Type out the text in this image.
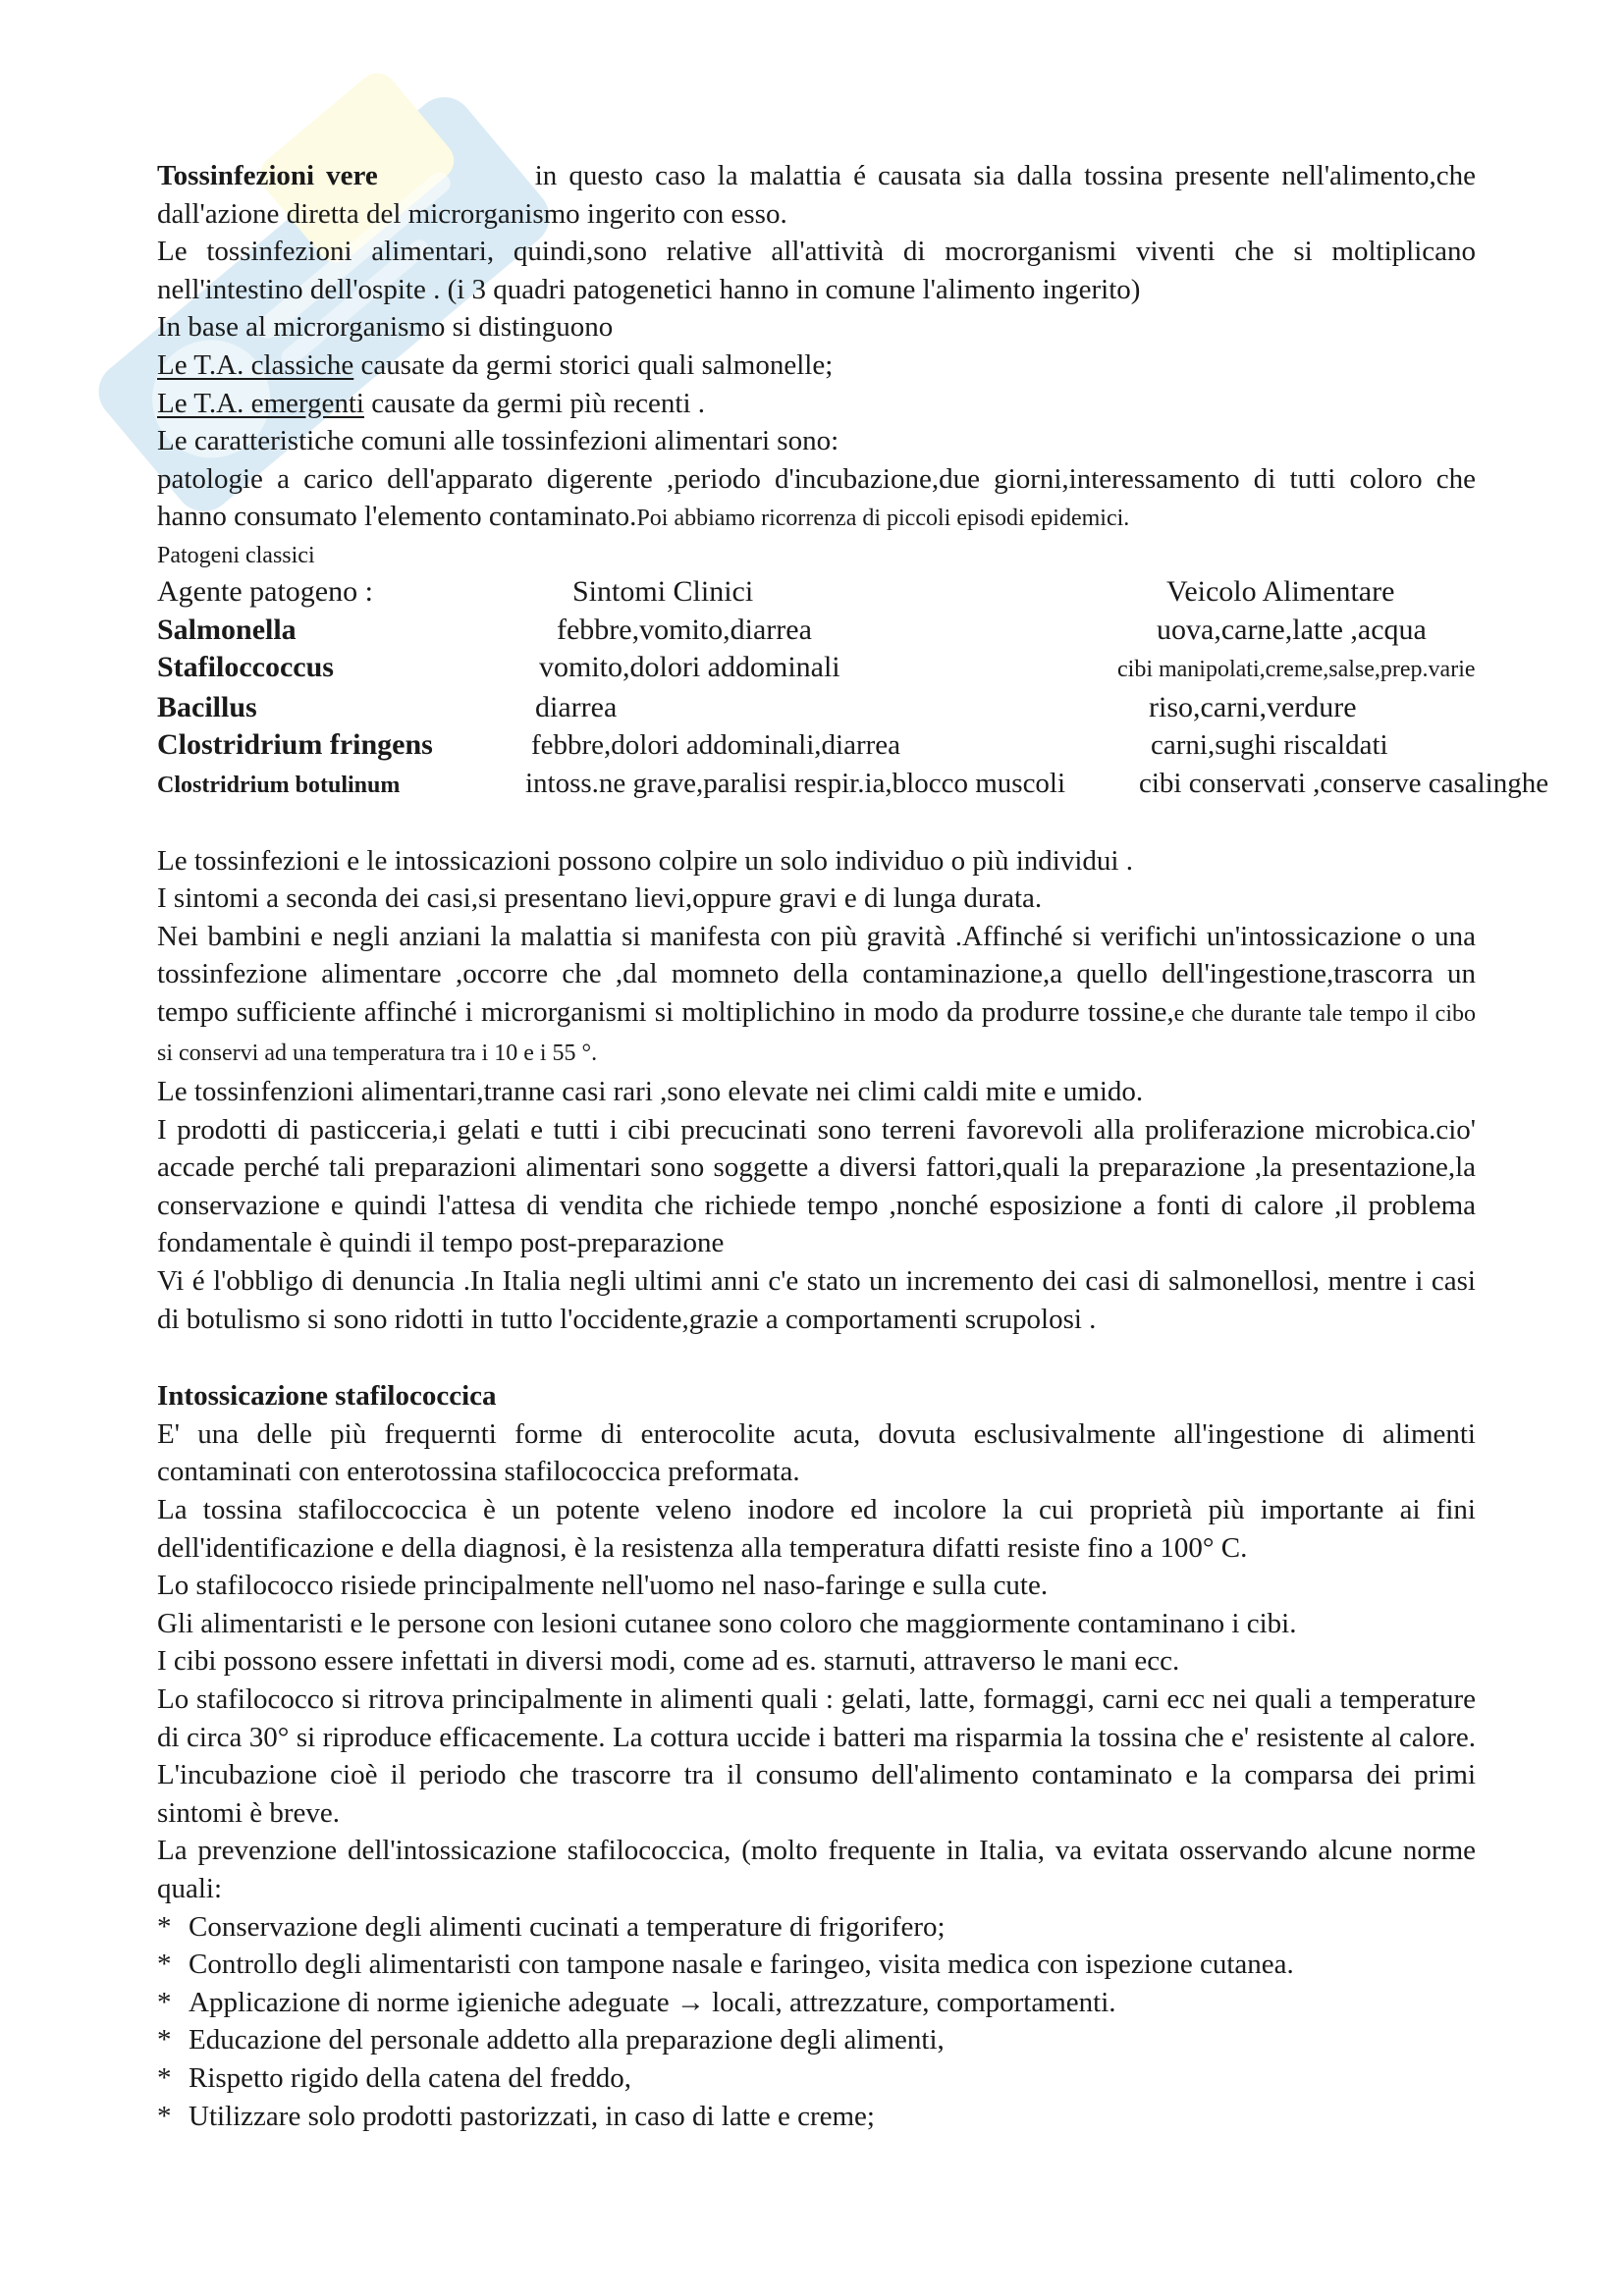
Tossinfezioni vere	in questo caso la malattia é causata sia dalla tossina presente nell'alimento,che dall'azione diretta del microrganismo ingerito con esso.

Le tossinfezioni alimentari, quindi,sono relative all'attività di mocrorganismi viventi che si moltiplicano nell'intestino dell'ospite . (i 3 quadri patogenetici hanno in comune l'alimento ingerito)

In base al microrganismo si distinguono

Le T.A. classiche causate da germi storici quali salmonelle;

Le T.A. emergenti causate da germi più recenti .

Le caratteristiche comuni alle tossinfezioni alimentari sono:

patologie a carico dell'apparato digerente ,periodo d'incubazione,due giorni,interessamento di tutti coloro che hanno consumato l'elemento contaminato.Poi abbiamo ricorrenza di piccoli episodi epidemici.

Patogeni classici

Agente patogeno :	Sintomi Clinici	Veicolo Alimentare
Salmonella	febbre,vomito,diarrea	uova,carne,latte ,acqua
Stafiloccoccus	vomito,dolori addominali	cibi manipolati,creme,salse,prep.varie
Bacillus	diarrea	riso,carni,verdure
Clostridrium fringens	febbre,dolori addominali,diarrea	carni,sughi riscaldati
Clostridrium botulinum	intoss.ne grave,paralisi respir.ia,blocco muscoli	cibi conservati ,conserve casalinghe

Le tossinfezioni e le intossicazioni possono colpire un solo individuo o più individui .

I sintomi a seconda dei casi,si presentano lievi,oppure gravi e di lunga durata.

Nei bambini e negli anziani la malattia si manifesta con più gravità .Affinché si verifichi un'intossicazione o una tossinfezione alimentare ,occorre che ,dal momneto della contaminazione,a quello dell'ingestione,trascorra un tempo sufficiente affinché i microrganismi si moltiplichino in modo da produrre tossine,e che durante tale tempo il cibo si conservi ad una temperatura tra i 10 e i 55 °.

Le tossinfenzioni alimentari,tranne casi rari ,sono elevate nei climi caldi mite e umido.

I prodotti di pasticceria,i gelati e tutti i cibi precucinati sono terreni favorevoli alla proliferazione microbica.cio' accade perché tali preparazioni alimentari sono soggette a diversi fattori,quali la preparazione ,la presentazione,la conservazione e quindi l'attesa di vendita che richiede tempo ,nonché esposizione a fonti di calore ,il problema fondamentale è quindi il tempo post-preparazione

Vi é l'obbligo di denuncia .In Italia negli ultimi anni c'e stato un incremento dei casi di salmonellosi, mentre i casi di botulismo si sono ridotti in tutto l'occidente,grazie a comportamenti scrupolosi .

Intossicazione stafilococcica

E' una delle più frequernti forme di enterocolite acuta, dovuta esclusivalmente all'ingestione di alimenti contaminati con enterotossina stafilococcica preformata.

La tossina stafiloccoccica è un potente veleno inodore ed incolore la cui proprietà più importante ai fini dell'identificazione e della diagnosi, è la resistenza alla temperatura difatti resiste fino a 100° C.

Lo stafilococco risiede principalmente nell'uomo nel naso-faringe e sulla cute.

Gli alimentaristi e le persone con lesioni cutanee sono coloro che maggiormente contaminano i cibi.

I cibi possono essere infettati in diversi modi, come ad es. starnuti, attraverso le mani ecc.

Lo stafilococco si ritrova principalmente in alimenti quali : gelati, latte, formaggi, carni ecc nei quali a temperature di circa 30° si riproduce efficacemente. La cottura uccide i batteri ma risparmia la tossina che e' resistente al calore. L'incubazione cioè il periodo che trascorre tra il consumo dell'alimento contaminato e la comparsa dei primi sintomi è breve.

La prevenzione dell'intossicazione stafilococcica, (molto frequente in Italia, va evitata osservando alcune norme quali:

* Conservazione degli alimenti cucinati a temperature di frigorifero;
* Controllo degli alimentaristi con tampone nasale e faringeo, visita medica con ispezione cutanea.
* Applicazione di norme igieniche adeguate → locali, attrezzature, comportamenti.
* Educazione del personale addetto alla preparazione degli alimenti,
* Rispetto rigido della catena del freddo,
* Utilizzare solo prodotti pastorizzati, in caso di latte e creme;
